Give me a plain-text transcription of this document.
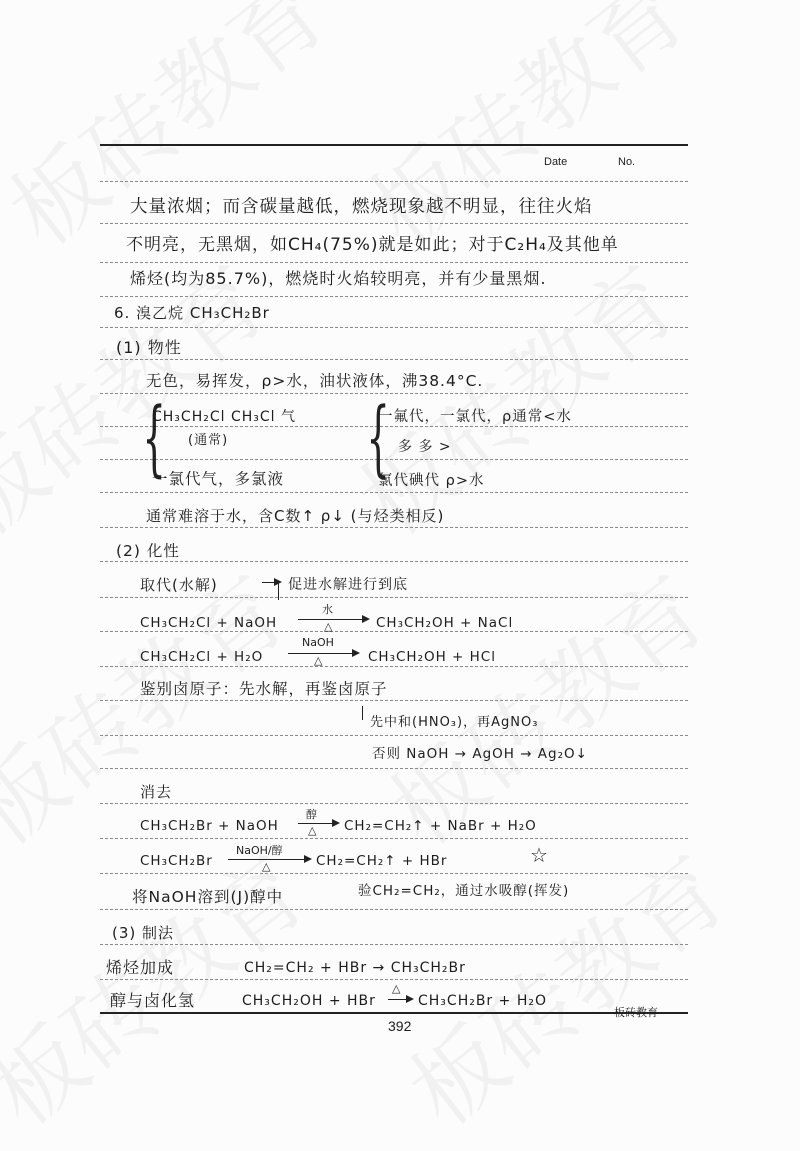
Date	No.
大量浓烟；而含碳量越低，燃烧现象越不明显，往往火焰
不明亮，无黑烟，如CH₄(75%)就是如此；对于C₂H₄及其他单
烯烃(均为85.7%)，燃烧时火焰较明亮，并有少量黑烟.
6. 溴乙烷 CH₃CH₂Br
(1) 物性
无色，易挥发，ρ>水，油状液体，沸38.4°C.
{
CH₃CH₂Cl CH₃Cl 气
(通常)
一氯代气，多氯液 {
一氟代，一氯代，ρ通常<水
多 多 >
氯代碘代 ρ>水
通常难溶于水，含C数↑ ρ↓ (与烃类相反)
(2) 化性
取代(水解)	促进水解进行到底
CH₃CH₂Cl + NaOH
水
△	CH₃CH₂OH + NaCl
CH₃CH₂Cl + H₂O
NaOH
△	CH₃CH₂OH + HCl
鉴别卤原子：先水解，再鉴卤原子
先中和(HNO₃)，再AgNO₃
否则 NaOH → AgOH → Ag₂O↓
消去
CH₃CH₂Br + NaOH
醇
△ CH₂=CH₂↑ + NaBr + H₂O
CH₃CH₂Br
NaOH/醇
△	CH₂=CH₂↑ + HBr	☆
将NaOH溶到(J)醇中	验CH₂=CH₂，通过水吸醇(挥发)
(3) 制法
烯烃加成	CH₂=CH₂ + HBr → CH₃CH₂Br
醇与卤化氢	CH₃CH₂OH + HBr
△
→ CH₃CH₂Br + H₂O
392
板砖教育
